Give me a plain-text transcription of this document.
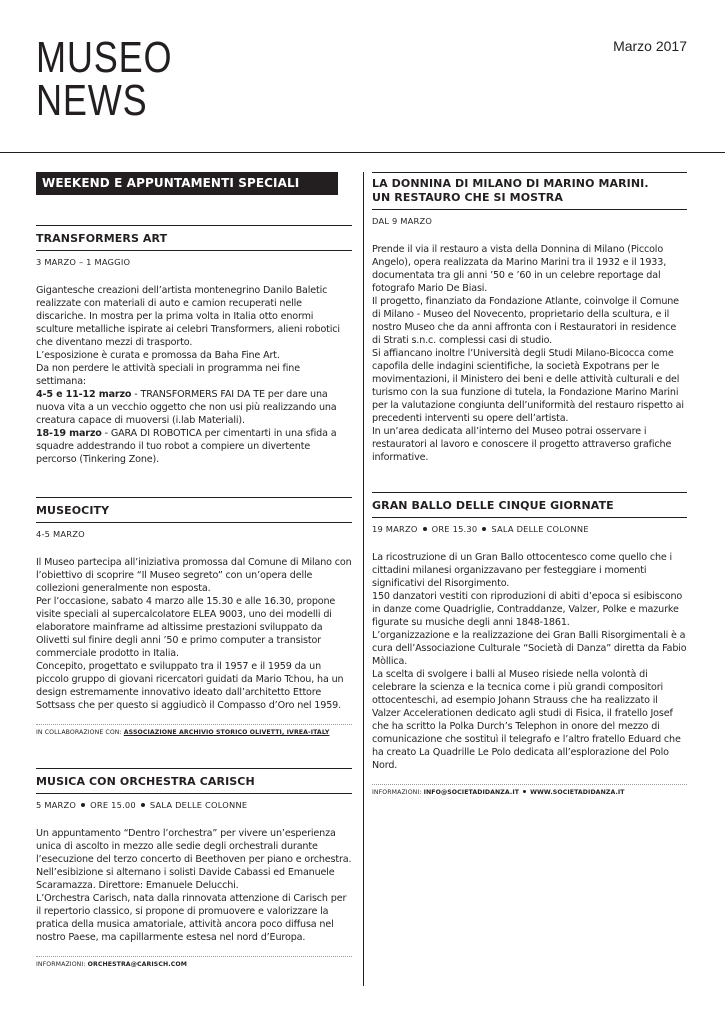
MUSEO
NEWS
Marzo 2017
WEEKEND E APPUNTAMENTI SPECIALI
TRANSFORMERS ART
3 MARZO – 1 MAGGIO

Gigantesche creazioni dell’artista montenegrino Danilo Baletic realizzate con materiali di auto e camion recuperati nelle discariche. In mostra per la prima volta in Italia otto enormi sculture metalliche ispirate ai celebri Transformers, alieni robotici che diventano mezzi di trasporto.

L’esposizione è curata e promossa da Baha Fine Art.

Da non perdere le attività speciali in programma nei fine settimana:

4-5 e 11-12 marzo - TRANSFORMERS FAI DA TE per dare una nuova vita a un vecchio oggetto che non usi più realizzando una creatura capace di muoversi (i.lab Materiali).

18-19 marzo - GARA DI ROBOTICA per cimentarti in una sfida a squadre addestrando il tuo robot a compiere un divertente percorso (Tinkering Zone).

MUSEOCITY
4-5 MARZO

Il Museo partecipa all’iniziativa promossa dal Comune di Milano con l’obiettivo di scoprire “Il Museo segreto” con un’opera delle collezioni generalmente non esposta.

Per l’occasione, sabato 4 marzo alle 15.30 e alle 16.30, propone visite speciali al supercalcolatore ELEA 9003, uno dei modelli di elaboratore mainframe ad altissime prestazioni sviluppato da Olivetti sul finire degli anni ’50 e primo computer a transistor commerciale prodotto in Italia.

Concepito, progettato e sviluppato tra il 1957 e il 1959 da un piccolo gruppo di giovani ricercatori guidati da Mario Tchou, ha un design estremamente innovativo ideato dall’architetto Ettore Sottsass che per questo si aggiudicò il Compasso d’Oro nel 1959.

IN COLLABORAZIONE CON: ASSOCIAZIONE ARCHIVIO STORICO OLIVETTI, IVREA-ITALY
MUSICA CON ORCHESTRA CARISCH
5 MARZO ORE 15.00 SALA DELLE COLONNE

Un appuntamento “Dentro l’orchestra” per vivere un’esperienza unica di ascolto in mezzo alle sedie degli orchestrali durante l’esecuzione del terzo concerto di Beethoven per piano e orchestra. Nell’esibizione si alternano i solisti Davide Cabassi ed Emanuele Scaramazza. Direttore: Emanuele Delucchi.

L’Orchestra Carisch, nata dalla rinnovata attenzione di Carisch per il repertorio classico, si propone di promuovere e valorizzare la pratica della musica amatoriale, attività ancora poco diffusa nel nostro Paese, ma capillarmente estesa nel nord d’Europa.

INFORMAZIONI: ORCHESTRA@CARISCH.COM
LA DONNINA DI MILANO DI MARINO MARINI.
UN RESTAURO CHE SI MOSTRA
DAL 9 MARZO

Prende il via il restauro a vista della Donnina di Milano (Piccolo Angelo), opera realizzata da Marino Marini tra il 1932 e il 1933, documentata tra gli anni ’50 e ’60 in un celebre reportage dal fotografo Mario De Biasi.

Il progetto, finanziato da Fondazione Atlante, coinvolge il Comune di Milano - Museo del Novecento, proprietario della scultura, e il nostro Museo che da anni affronta con i Restauratori in residence di Strati s.n.c. complessi casi di studio.

Si affiancano inoltre l’Università degli Studi Milano-Bicocca come capofila delle indagini scientifiche, la società Expotrans per le movimentazioni, il Ministero dei beni e delle attività culturali e del turismo con la sua funzione di tutela, la Fondazione Marino Marini per la valutazione congiunta dell’uniformità del restauro rispetto ai precedenti interventi su opere dell’artista.

In un’area dedicata all’interno del Museo potrai osservare i restauratori al lavoro e conoscere il progetto attraverso grafiche informative.

GRAN BALLO DELLE CINQUE GIORNATE
19 MARZO ORE 15.30 SALA DELLE COLONNE

La ricostruzione di un Gran Ballo ottocentesco come quello che i cittadini milanesi organizzavano per festeggiare i momenti significativi del Risorgimento.

150 danzatori vestiti con riproduzioni di abiti d’epoca si esibiscono in danze come Quadriglie, Contraddanze, Valzer, Polke e mazurke figurate su musiche degli anni 1848-1861.

L’organizzazione e la realizzazione dei Gran Balli Risorgimentali è a cura dell’Associazione Culturale “Società di Danza” diretta da Fabio Mòllica.

La scelta di svolgere i balli al Museo risiede nella volontà di celebrare la scienza e la tecnica come i più grandi compositori ottocenteschi, ad esempio Johann Strauss che ha realizzato il Valzer Accelerationen dedicato agli studi di Fisica, il fratello Josef che ha scritto la Polka Durch’s Telephon in onore del mezzo di comunicazione che sostituì il telegrafo e l’altro fratello Eduard che ha creato La Quadrille Le Polo dedicata all’esplorazione del Polo Nord.

INFORMAZIONI: INFO@SOCIETADIDANZA.IT WWW.SOCIETADIDANZA.IT
